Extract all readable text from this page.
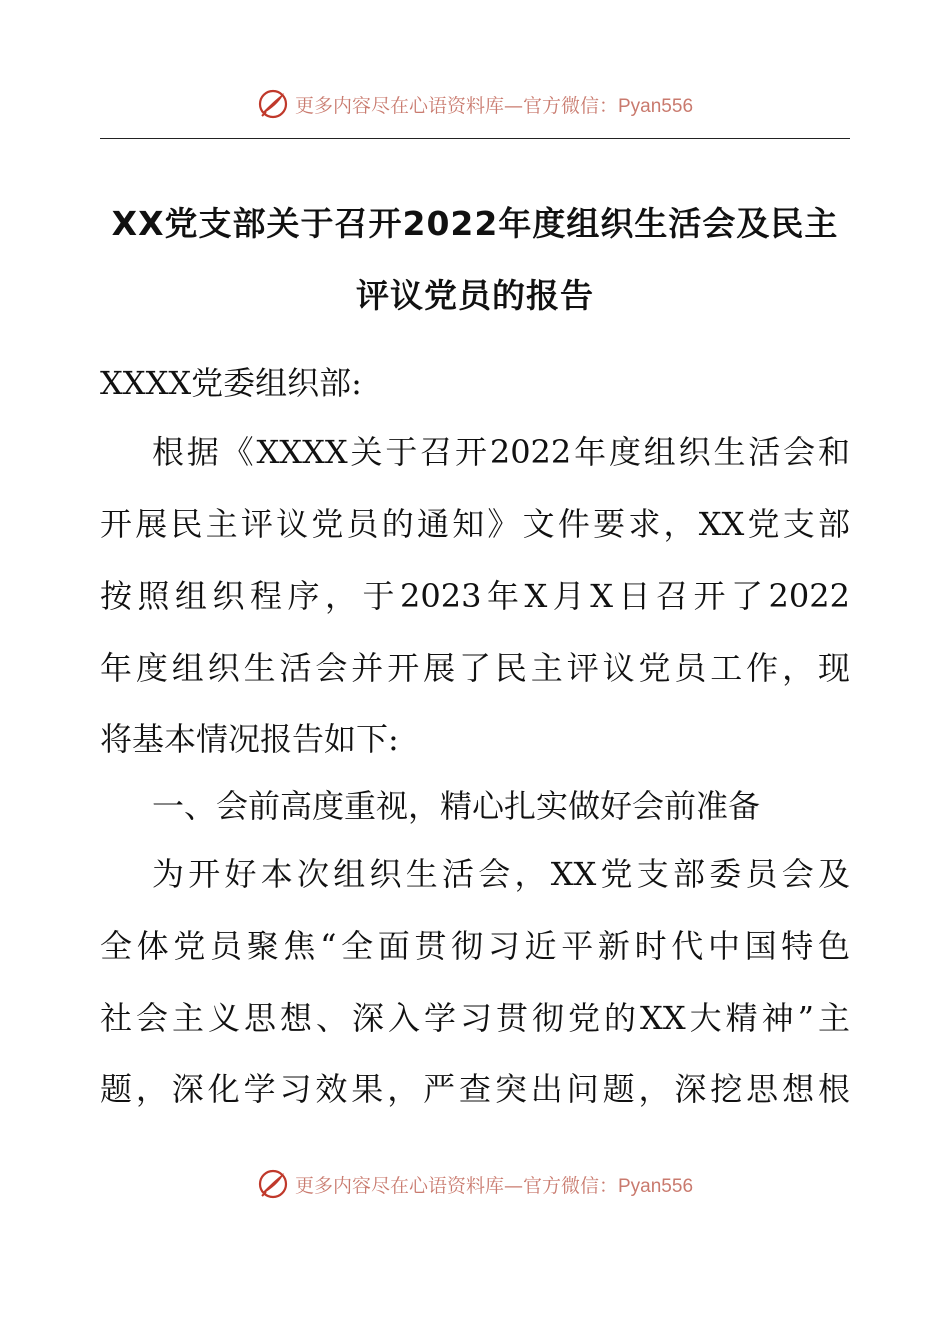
更多内容尽在心语资料库—官方微信：Pyan556
XX党支部关于召开2022年度组织生活会及民主
评议党员的报告
XXXX党委组织部:
根据《XXXX关于召开2022年度组织生活会和
开展民主评议党员的通知》文件要求，XX党支部
按照组织程序，于2023年X月X日召开了2022
年度组织生活会并开展了民主评议党员工作，现
将基本情况报告如下:
一、会前高度重视，精心扎实做好会前准备
为开好本次组织生活会，XX党支部委员会及
全体党员聚焦“全面贯彻习近平新时代中国特色
社会主义思想、深入学习贯彻党的XX大精神”主
题，深化学习效果，严查突出问题，深挖思想根
更多内容尽在心语资料库—官方微信：Pyan556
